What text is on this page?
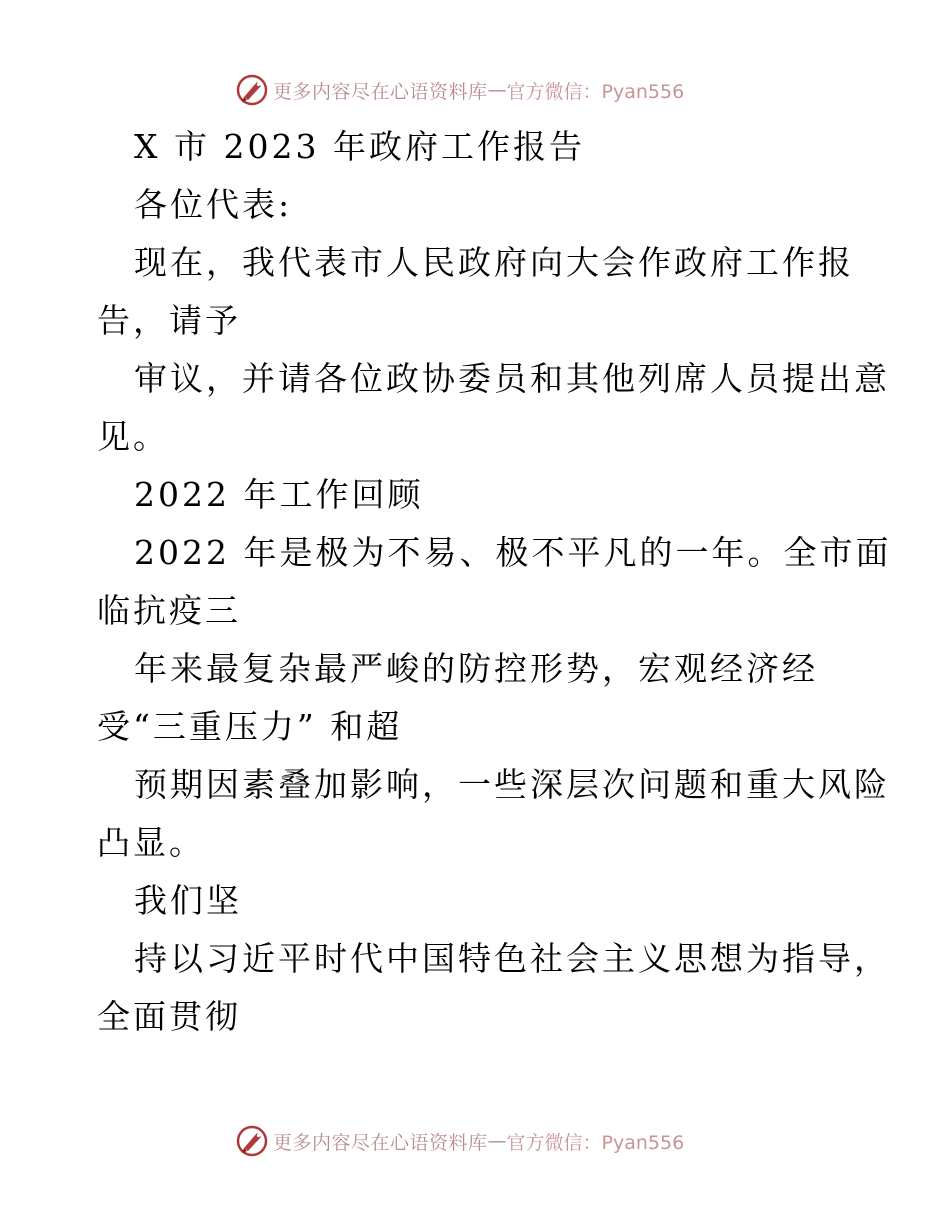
更多内容尽在心语资料库 — 官方微信：Pyan556
X 市 2023 年政府工作报告
各位代表:
现在，我代表市人民政府向大会作政府工作报
告，请予
审议，并请各位政协委员和其他列席人员提出意
见。
2022 年工作回顾
2022 年是极为不易、极不平凡的一年。全市面
临抗疫三
年来最复杂最严峻的防控形势，宏观经济经
受“三重压力” 和超
预期因素叠加影响，一些深层次问题和重大风险
凸显。
我们坚
持以习近平时代中国特色社会主义思想为指导，
全面贯彻
更多内容尽在心语资料库 — 官方微信：Pyan556
